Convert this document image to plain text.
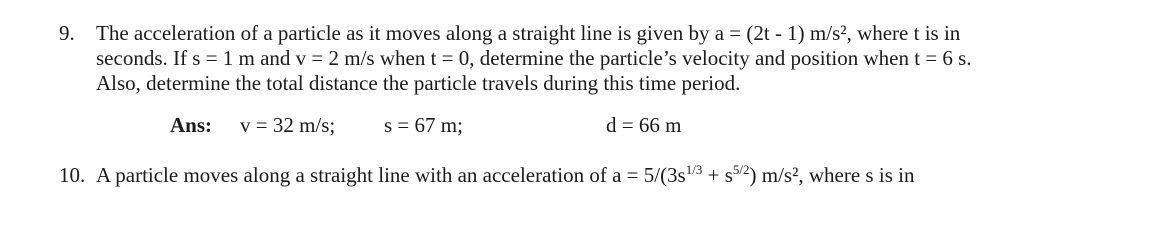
9. The acceleration of a particle as it moves along a straight line is given by a = (2t - 1) m/s², where t is in
seconds. If s = 1 m and v = 2 m/s when t = 0, determine the particle’s velocity and position when t = 6 s.
Also, determine the total distance the particle travels during this time period.
Ans: v = 32 m/s; s = 67 m;	d = 66 m
10. A particle moves along a straight line with an acceleration of $a = 5/(3s^{1/3} + s^{5/2})$ m/s², where s is in
